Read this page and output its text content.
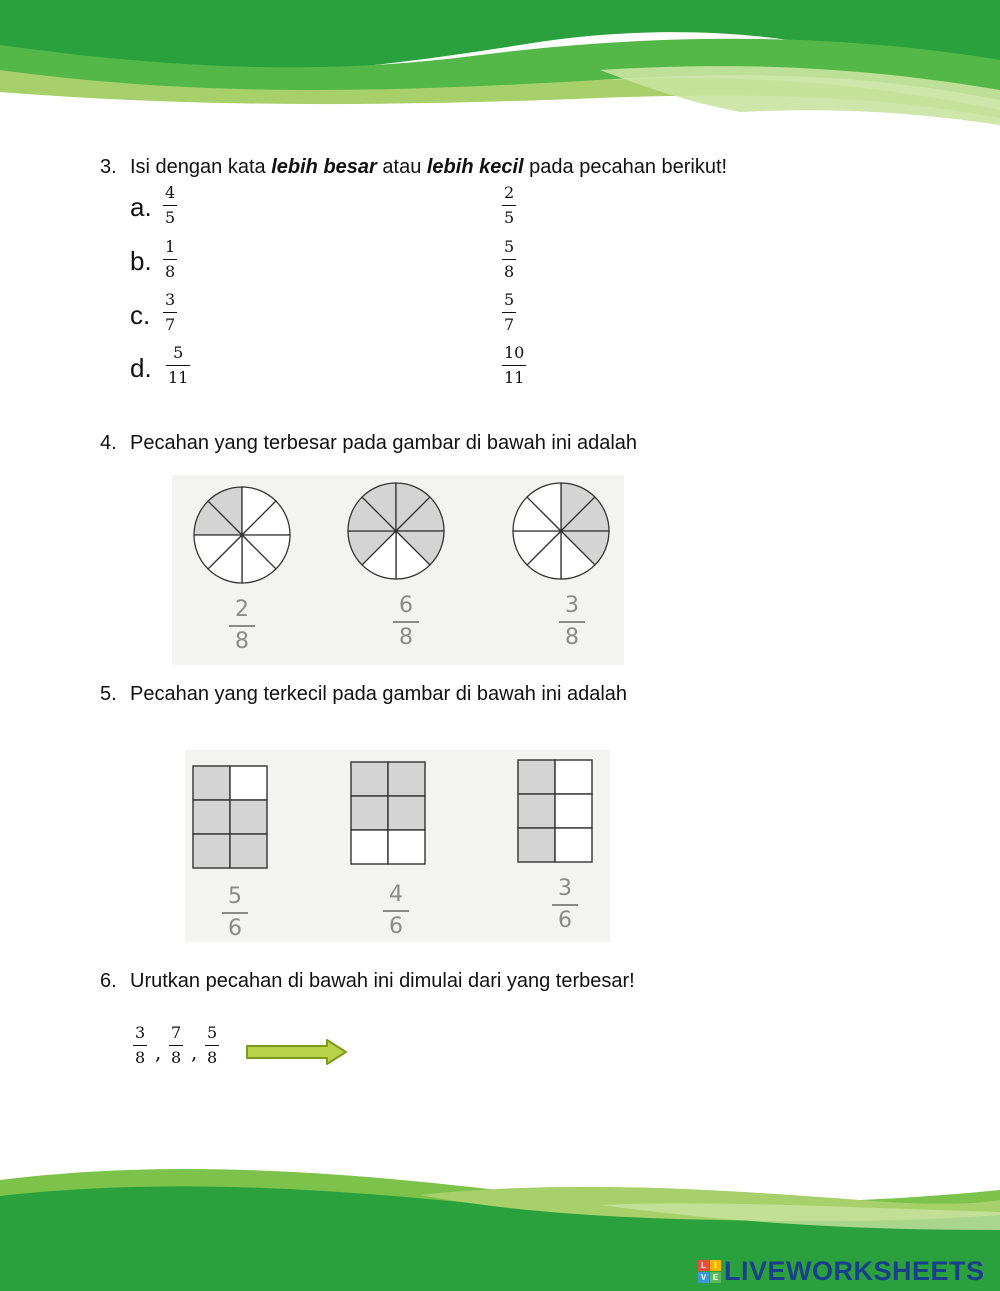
3. Isi dengan kata lebih besar atau lebih kecil pada pecahan berikut!
a. 4
5
2
5
b. 1
8
5
8
c.
3
7
5
7
d.
5
11
10
11
4. Pecahan yang terbesar pada gambar di bawah ini adalah
2
8
6
8
3
8
5. Pecahan yang terkecil pada gambar di bawah ini adalah
5
6
4
6
3
6
6. Urutkan pecahan di bawah ini dimulai dari yang terbesar!
3
8 ,
7
8 ,
5
8
L	I
V E LIVEWORKSHEETS
